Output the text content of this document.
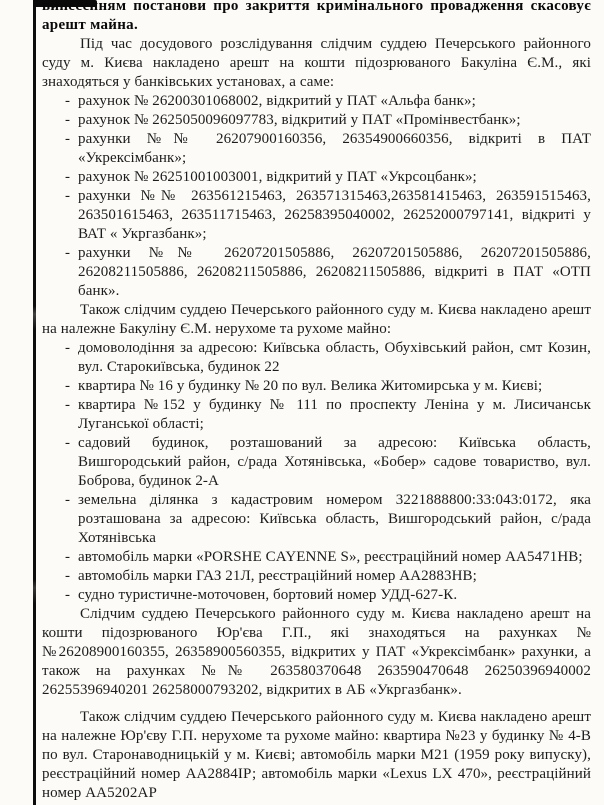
винесенням постанови про закриття кримінального провадження скасовує арешт майна.

Під час досудового розслідування слідчим суддею Печерського районного суду м. Києва накладено арешт на кошти підозрюваного Бакуліна Є.М., які знаходяться у банківських установах, а саме:

- рахунок № 26200301068002, відкритий у ПАТ «Альфа банк»;
- рахунок № 2625050096097783, відкритий у ПАТ «Промінвестбанк»;
- рахунки №№ 26207900160356, 26354900660356, відкриті в ПАТ «Укрексімбанк»;
- рахунок № 26251001003001, відкритий у ПАТ «Укрсоцбанк»;
- рахунки №№ 263561215463, 263571315463,263581415463, 263591515463, 263501615463, 263511715463, 26258395040002, 26252000797141, відкриті у ВАТ « Укргазбанк»;
- рахунки №№ 26207201505886, 26207201505886, 26207201505886, 26208211505886, 26208211505886, 26208211505886, відкриті в ПАТ «ОТП банк».

Також слідчим суддею Печерського районного суду м. Києва накладено арешт на належне Бакуліну Є.М. нерухоме та рухоме майно:

- домоволодіння за адресою: Київська область, Обухівський район, смт Козин, вул. Старокиївська, будинок 22
- квартира № 16 у будинку № 20 по вул. Велика Житомирська у м. Києві;
- квартира №152 у будинку № 111 по проспекту Леніна у м. Лисичанськ Луганської області;
- садовий будинок, розташований за адресою: Київська область, Вишгородський район, с/рада Хотянівська, «Бобер» садове товариство, вул. Боброва, будинок 2-А
- земельна ділянка з кадастровим номером 3221888800:33:043:0172, яка розташована за адресою: Київська область, Вишгородський район, с/рада Хотянівська
- автомобіль марки «PORSHE CAYENNE S», реєстраційний номер АА5471НВ;
- автомобіль марки ГАЗ 21Л, реєстраційний номер АА2883НВ;
- судно туристичне-моточовен, бортовий номер УДД-627-К.

Слідчим суддею Печерського районного суду м. Києва накладено арешт на кошти підозрюваного Юр'єва Г.П., які знаходяться на рахунках №№26208900160355, 26358900560355, відкритих у ПАТ «Укрексімбанк» рахунки, а також на рахунках №№ 263580370648 263590470648 26250396940002 26255396940201 26258000793202, відкритих в АБ «Укргазбанк».

Також слідчим суддею Печерського районного суду м. Києва накладено арешт на належне Юр'єву Г.П. нерухоме та рухоме майно: квартира №23 у будинку № 4-В по вул. Старонаводницькій у м. Києві; автомобіль марки М21 (1959 року випуску), реєстраційний номер АА2884ІР; автомобіль марки «Lexus LX 470», реєстраційний номер АА5202АР
